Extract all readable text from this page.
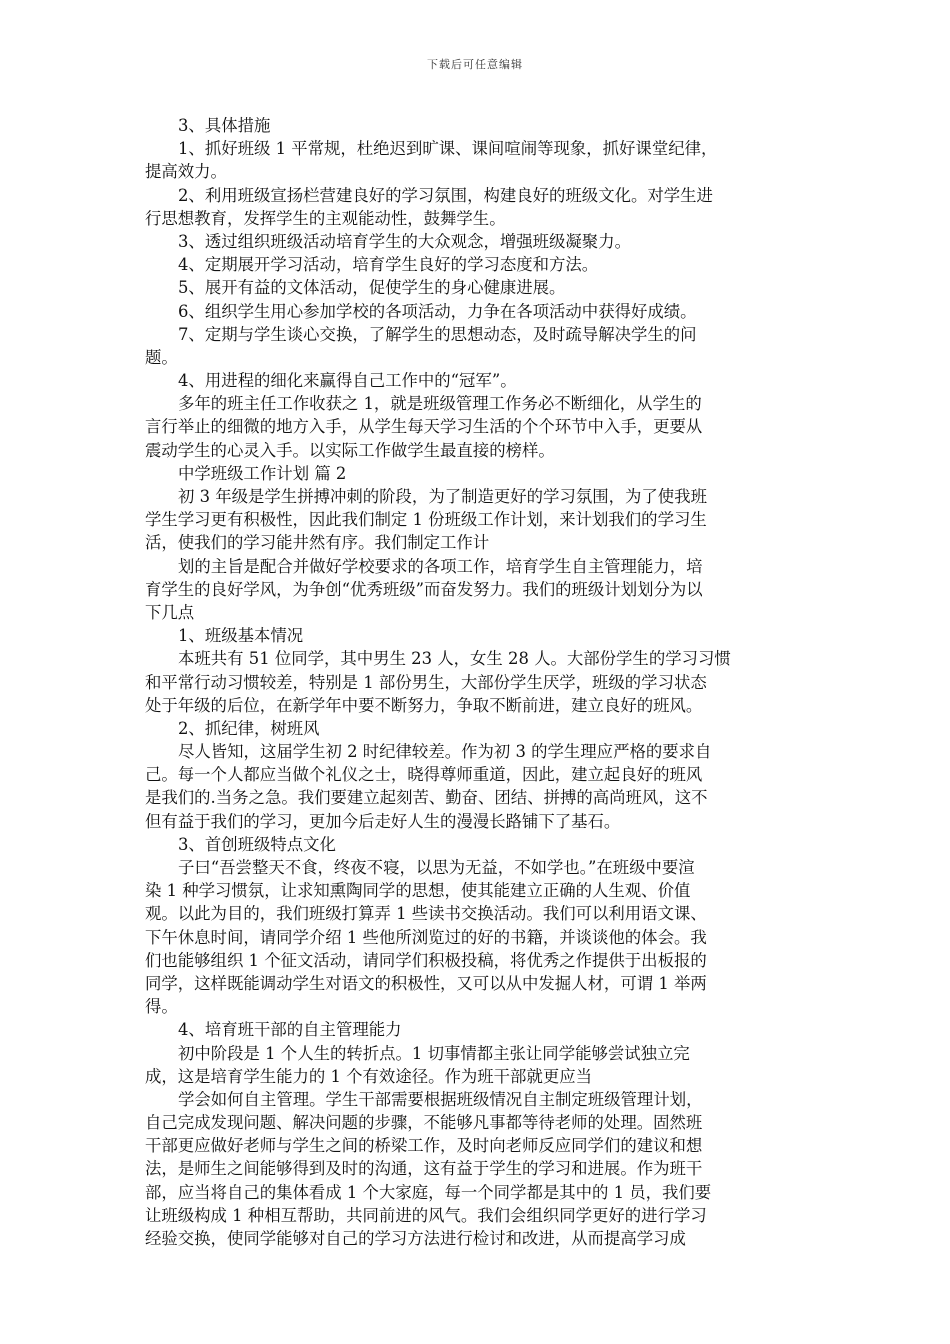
下载后可任意编辑
3、具体措施
1、抓好班级 1 平常规，杜绝迟到旷课、课间喧闹等现象，抓好课堂纪律，
提高效力。
2、利用班级宣扬栏营建良好的学习氛围，构建良好的班级文化。对学生进
行思想教育，发挥学生的主观能动性，鼓舞学生。
3、透过组织班级活动培育学生的大众观念，增强班级凝聚力。
4、定期展开学习活动，培育学生良好的学习态度和方法。
5、展开有益的文体活动，促使学生的身心健康进展。
6、组织学生用心参加学校的各项活动，力争在各项活动中获得好成绩。
7、定期与学生谈心交换，了解学生的思想动态，及时疏导解决学生的问
题。
4、用进程的细化来赢得自己工作中的“冠军”。
多年的班主任工作收获之 1，就是班级管理工作务必不断细化，从学生的
言行举止的细微的地方入手，从学生每天学习生活的个个环节中入手，更要从
震动学生的心灵入手。以实际工作做学生最直接的榜样。
中学班级工作计划 篇 2
初 3 年级是学生拼搏冲刺的阶段，为了制造更好的学习氛围，为了使我班
学生学习更有积极性，因此我们制定 1 份班级工作计划，来计划我们的学习生
活，使我们的学习能井然有序。我们制定工作计
划的主旨是配合并做好学校要求的各项工作，培育学生自主管理能力，培
育学生的良好学风，为争创“优秀班级”而奋发努力。我们的班级计划划分为以
下几点
1、班级基本情况
本班共有 51 位同学，其中男生 23 人，女生 28 人。大部份学生的学习习惯
和平常行动习惯较差，特别是 1 部份男生，大部份学生厌学，班级的学习状态
处于年级的后位，在新学年中要不断努力，争取不断前进，建立良好的班风。
2、抓纪律，树班风
尽人皆知，这届学生初 2 时纪律较差。作为初 3 的学生理应严格的要求自
己。每一个人都应当做个礼仪之士，晓得尊师重道，因此，建立起良好的班风
是我们的.当务之急。我们要建立起刻苦、勤奋、团结、拼搏的高尚班风，这不
但有益于我们的学习，更加今后走好人生的漫漫长路铺下了基石。
3、首创班级特点文化
子曰“吾尝整天不食，终夜不寝，以思为无益，不如学也。”在班级中要渲
染 1 种学习惯氛，让求知熏陶同学的思想，使其能建立正确的人生观、价值
观。以此为目的，我们班级打算弄 1 些读书交换活动。我们可以利用语文课、
下午休息时间，请同学介绍 1 些他所浏览过的好的书籍，并谈谈他的体会。我
们也能够组织 1 个征文活动，请同学们积极投稿，将优秀之作提供于出板报的
同学，这样既能调动学生对语文的积极性，又可以从中发掘人材，可谓 1 举两
得。
4、培育班干部的自主管理能力
初中阶段是 1 个人生的转折点。1 切事情都主张让同学能够尝试独立完
成，这是培育学生能力的 1 个有效途径。作为班干部就更应当
学会如何自主管理。学生干部需要根据班级情况自主制定班级管理计划，
自己完成发现问题、解决问题的步骤，不能够凡事都等待老师的处理。固然班
干部更应做好老师与学生之间的桥梁工作，及时向老师反应同学们的建议和想
法，是师生之间能够得到及时的沟通，这有益于学生的学习和进展。作为班干
部，应当将自己的集体看成 1 个大家庭，每一个同学都是其中的 1 员，我们要
让班级构成 1 种相互帮助，共同前进的风气。我们会组织同学更好的进行学习
经验交换，使同学能够对自己的学习方法进行检讨和改进，从而提高学习成
